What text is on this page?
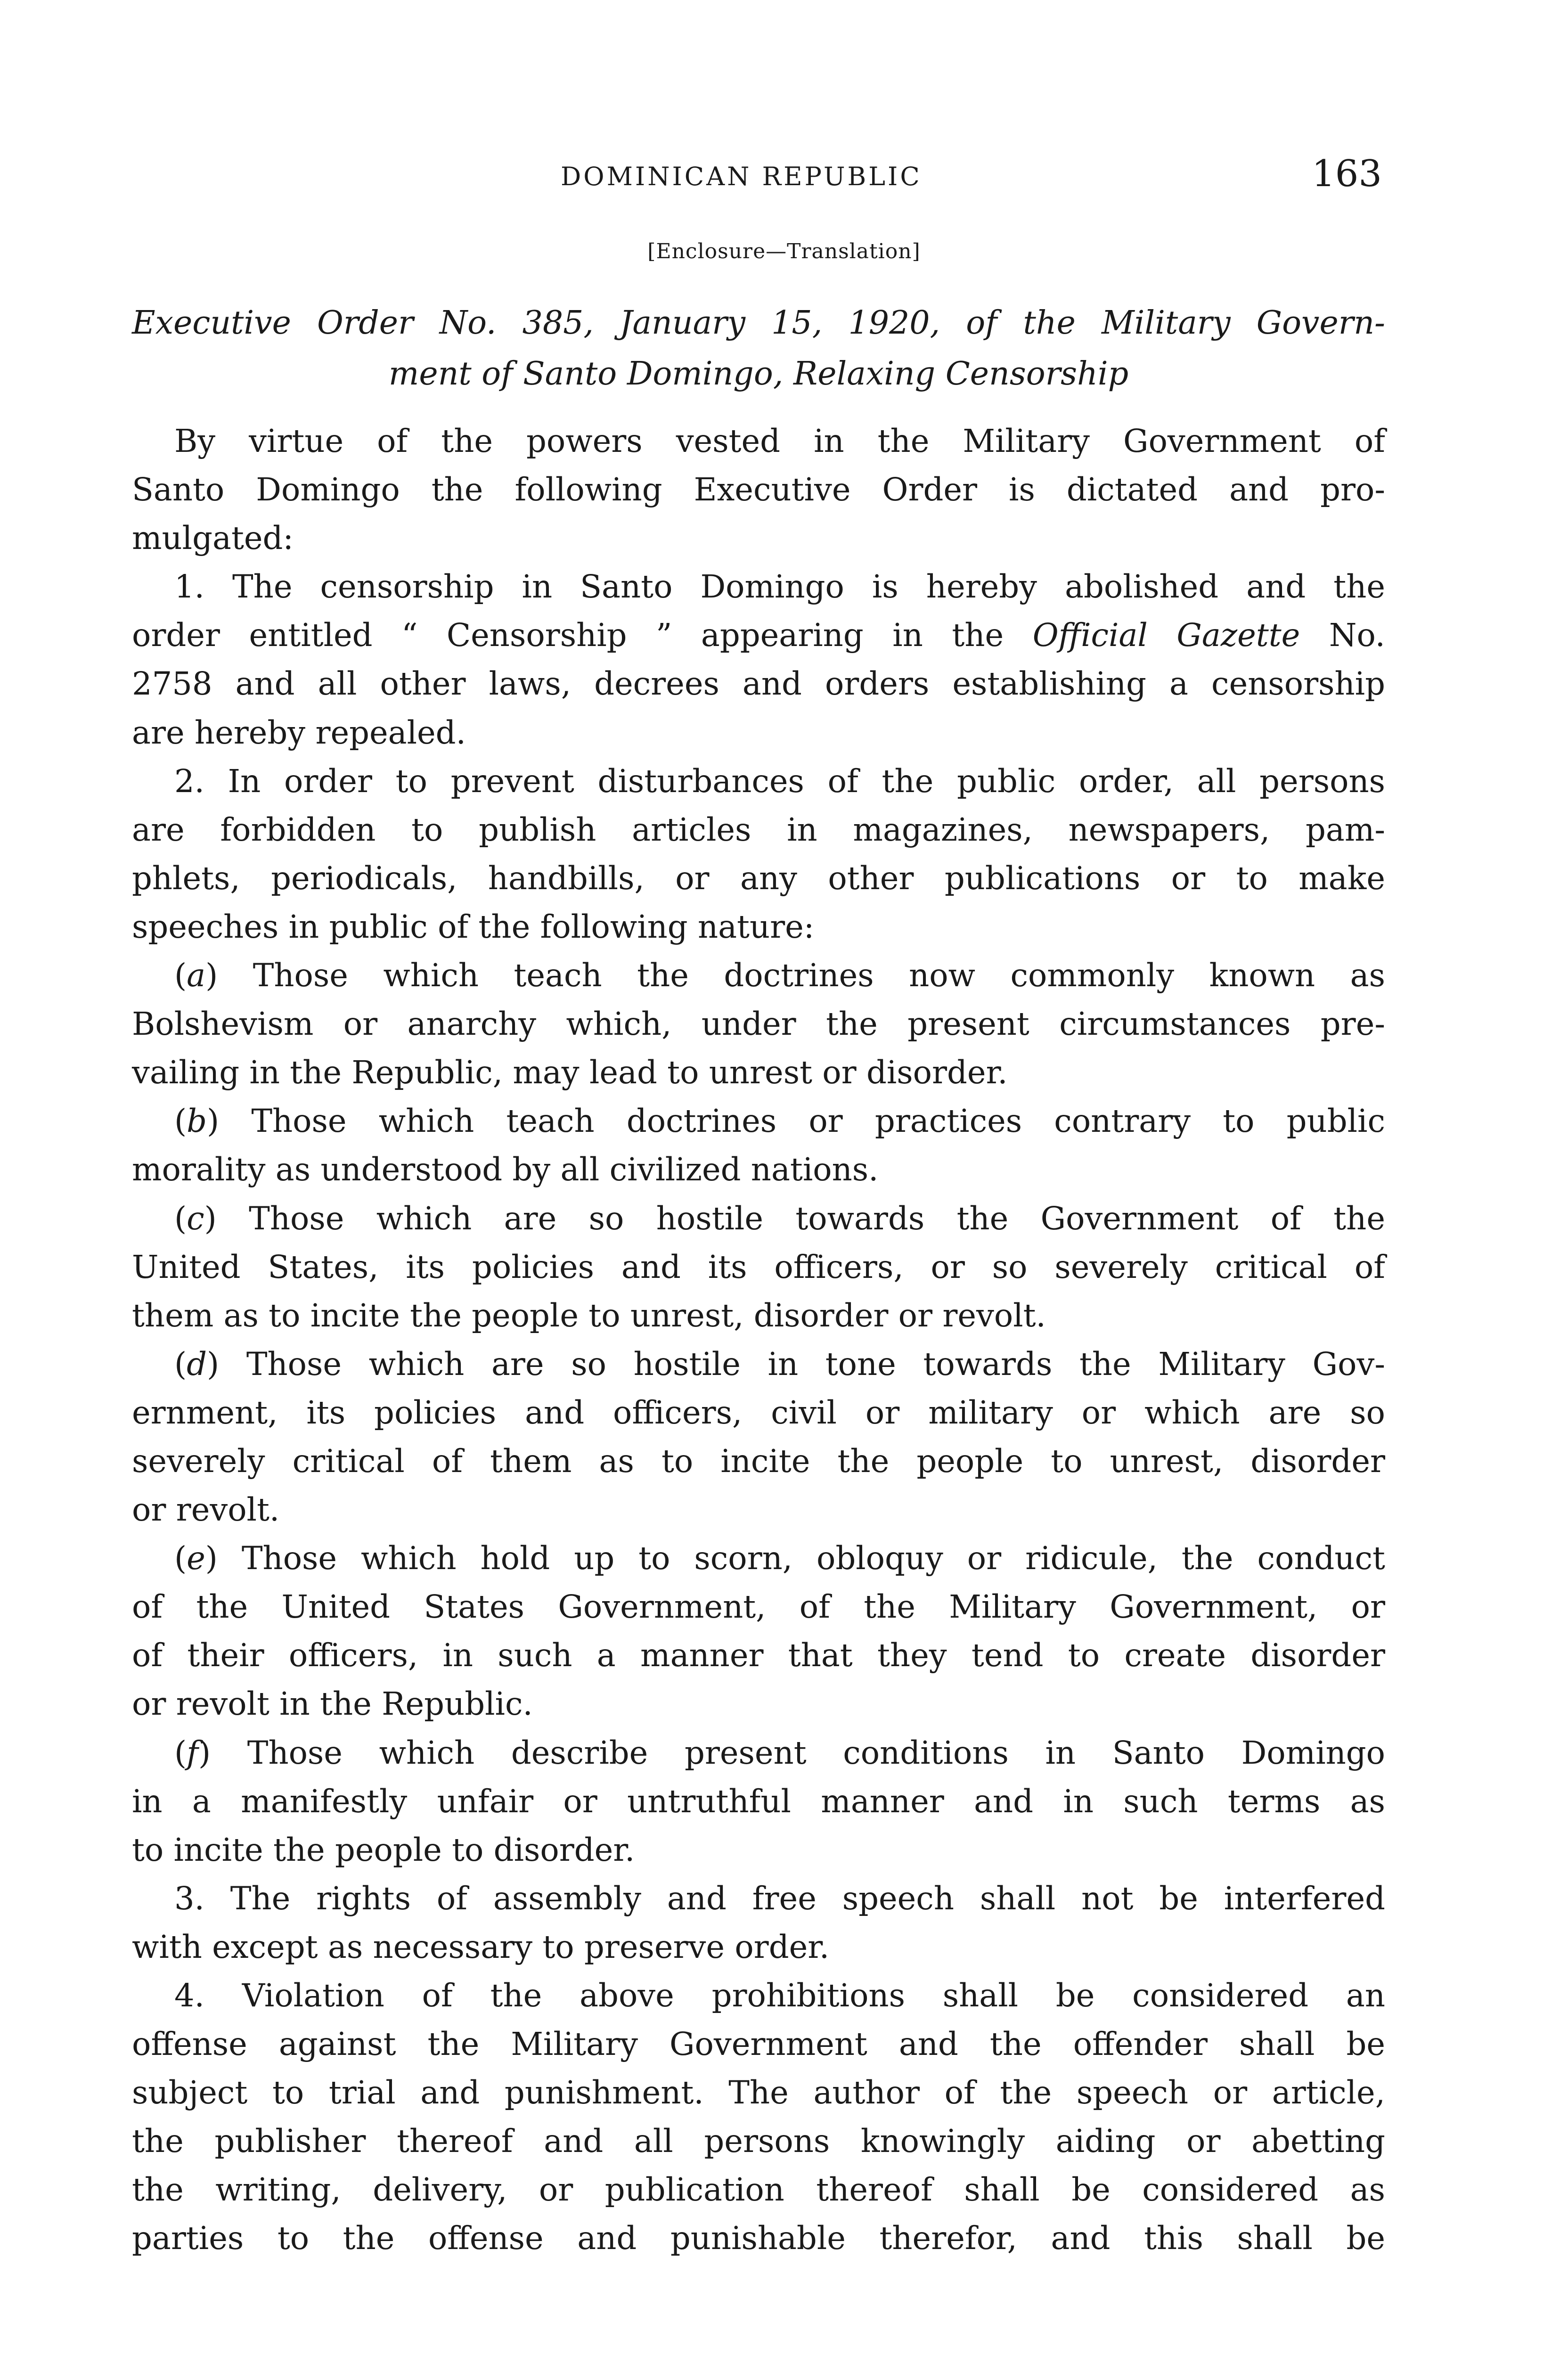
DOMINICAN REPUBLIC	163
[Enclosure—Translation]
Executive Order No. 385, January 15, 1920, of the Military Govern-
ment of Santo Domingo, Relaxing Censorship
By virtue of the powers vested in the Military Government of
Santo Domingo the following Executive Order is dictated and pro-
mulgated:
1. The censorship in Santo Domingo is hereby abolished and the
order entitled “ Censorship ” appearing in the Official Gazette No.
2758 and all other laws, decrees and orders establishing a censorship
are hereby repealed.
2. In order to prevent disturbances of the public order, all persons
are forbidden to publish articles in magazines, newspapers, pam-
phlets, periodicals, handbills, or any other publications or to make
speeches in public of the following nature:
(a) Those which teach the doctrines now commonly known as
Bolshevism or anarchy which, under the present circumstances pre-
vailing in the Republic, may lead to unrest or disorder.
(b) Those which teach doctrines or practices contrary to public
morality as understood by all civilized nations.
(c) Those which are so hostile towards the Government of the
United States, its policies and its officers, or so severely critical of
them as to incite the people to unrest, disorder or revolt.
(d) Those which are so hostile in tone towards the Military Gov-
ernment, its policies and officers, civil or military or which are so
severely critical of them as to incite the people to unrest, disorder
or revolt.
(e) Those which hold up to scorn, obloquy or ridicule, the conduct
of the United States Government, of the Military Government, or
of their officers, in such a manner that they tend to create disorder
or revolt in the Republic.
(f) Those which describe present conditions in Santo Domingo
in a manifestly unfair or untruthful manner and in such terms as
to incite the people to disorder.
3. The rights of assembly and free speech shall not be interfered
with except as necessary to preserve order.
4. Violation of the above prohibitions shall be considered an
offense against the Military Government and the offender shall be
subject to trial and punishment. The author of the speech or article,
the publisher thereof and all persons knowingly aiding or abetting
the writing, delivery, or publication thereof shall be considered as
parties to the offense and punishable therefor, and this shall be
